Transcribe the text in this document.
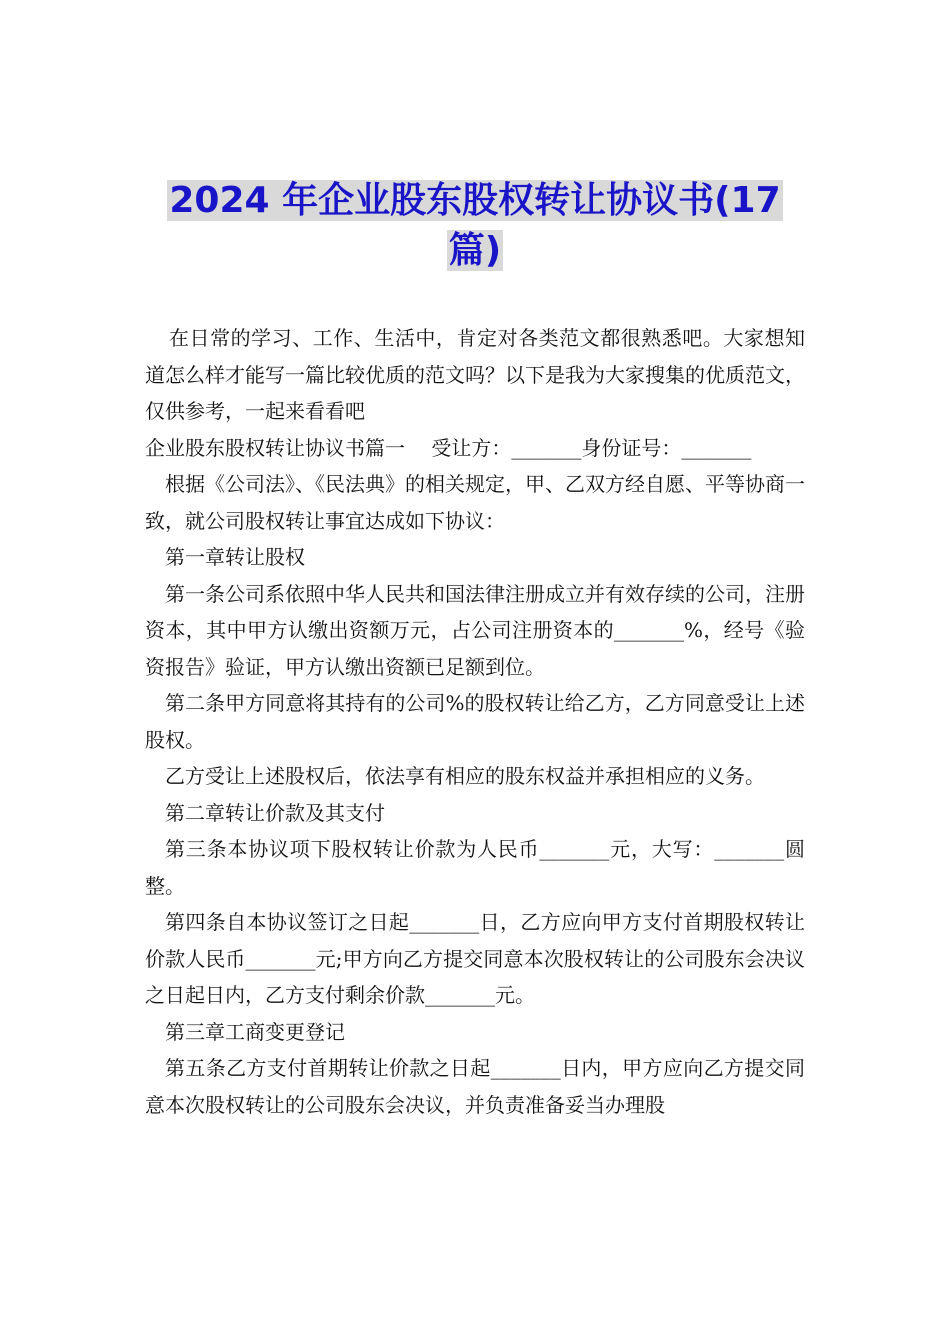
2024 年企业股东股权转让协议书(17
篇)

在日常的学习、工作、生活中，肯定对各类范文都很熟悉吧。大家想知道怎么样才能写一篇比较优质的范文吗？以下是我为大家搜集的优质范文，仅供参考，一起来看看吧

企业股东股权转让协议书篇一　 受让方：_______身份证号：_______

根据《公司法》、《民法典》的相关规定，甲、乙双方经自愿、平等协商一致，就公司股权转让事宜达成如下协议：

第一章转让股权

第一条公司系依照中华人民共和国法律注册成立并有效存续的公司，注册资本，其中甲方认缴出资额万元，占公司注册资本的_______%，经号《验资报告》验证，甲方认缴出资额已足额到位。

第二条甲方同意将其持有的公司%的股权转让给乙方，乙方同意受让上述股权。

乙方受让上述股权后，依法享有相应的股东权益并承担相应的义务。

第二章转让价款及其支付

第三条本协议项下股权转让价款为人民币_______元，大写：_______圆整。

第四条自本协议签订之日起_______日，乙方应向甲方支付首期股权转让价款人民币_______元;甲方向乙方提交同意本次股权转让的公司股东会决议之日起日内，乙方支付剩余价款_______元。

第三章工商变更登记

第五条乙方支付首期转让价款之日起_______日内，甲方应向乙方提交同意本次股权转让的公司股东会决议，并负责准备妥当办理股
